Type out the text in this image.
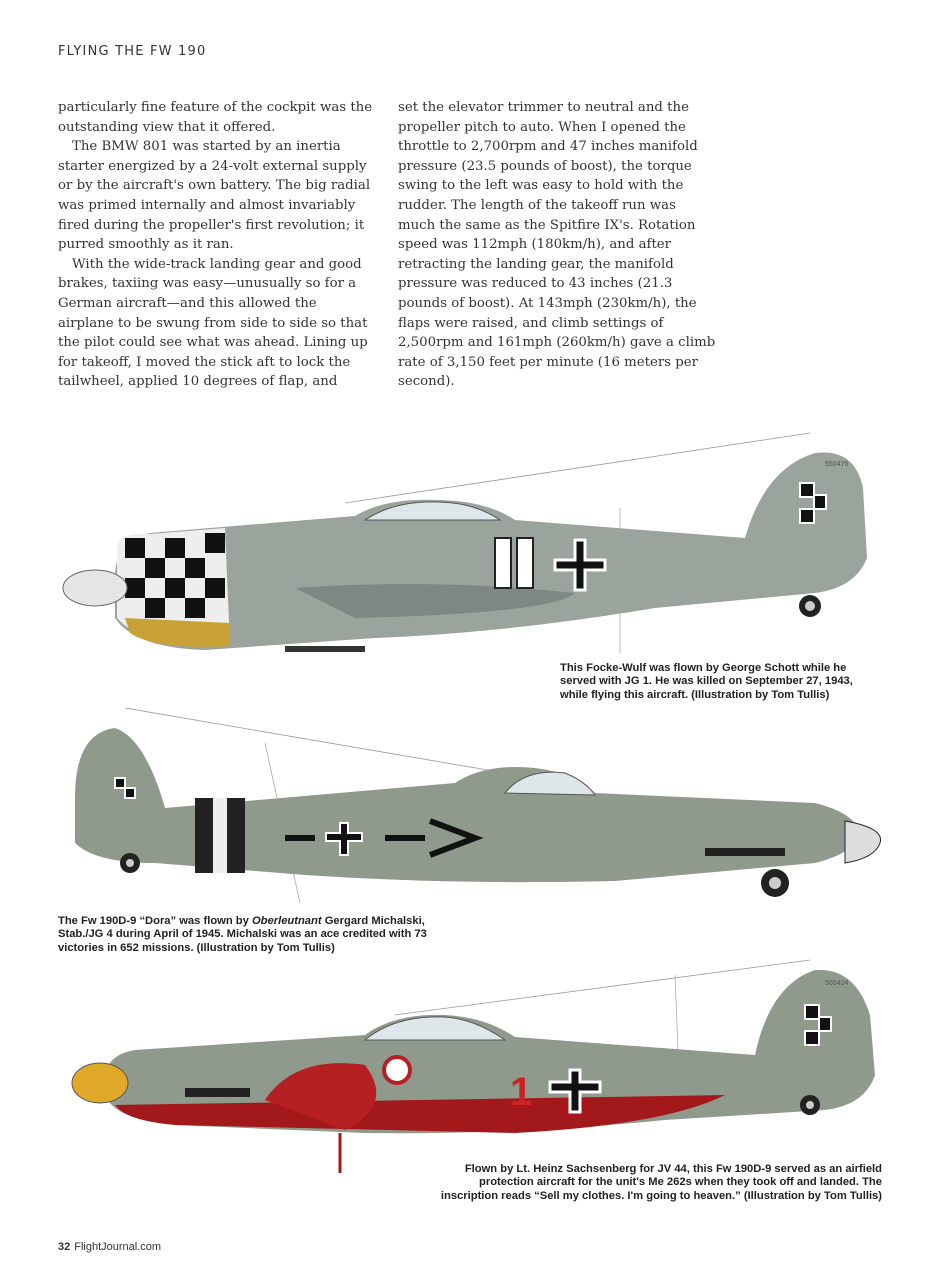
FLYING THE FW 190

particularly fine feature of the cockpit was the outstanding view that it offered.

The BMW 801 was started by an inertia starter energized by a 24-volt external supply or by the aircraft's own battery. The big radial was primed internally and almost invariably fired during the propeller's first revolution; it purred smoothly as it ran.

With the wide-track landing gear and good brakes, taxiing was easy—unusually so for a German aircraft—and this allowed the airplane to be swung from side to side so that the pilot could see what was ahead. Lining up for takeoff, I moved the stick aft to lock the tailwheel, applied 10 degrees of flap, and

set the elevator trimmer to neutral and the propeller pitch to auto. When I opened the throttle to 2,700rpm and 47 inches manifold pressure (23.5 pounds of boost), the torque swing to the left was easy to hold with the rudder. The length of the takeoff run was much the same as the Spitfire IX's. Rotation speed was 112mph (180km/h), and after retracting the landing gear, the manifold pressure was reduced to 43 inches (21.3 pounds of boost). At 143mph (230km/h), the flaps were raised, and climb settings of 2,500rpm and 161mph (260km/h) gave a climb rate of 3,150 feet per minute (16 meters per second).

550476
This Focke-Wulf was flown by George Schott while he served with JG 1. He was killed on September 27, 1943, while flying this aircraft. (Illustration by Tom Tullis)
The Fw 190D-9 “Dora” was flown by Oberleutnant Gergard Michalski, Stab./JG 4 during April of 1945. Michalski was an ace credited with 73 victories in 652 missions. (Illustration by Tom Tullis)
1
500424
Flown by Lt. Heinz Sachsenberg for JV 44, this Fw 190D-9 served as an airfield protection aircraft for the unit's Me 262s when they took off and landed. The inscription reads “Sell my clothes. I'm going to heaven.” (Illustration by Tom Tullis)
32 FlightJournal.com
